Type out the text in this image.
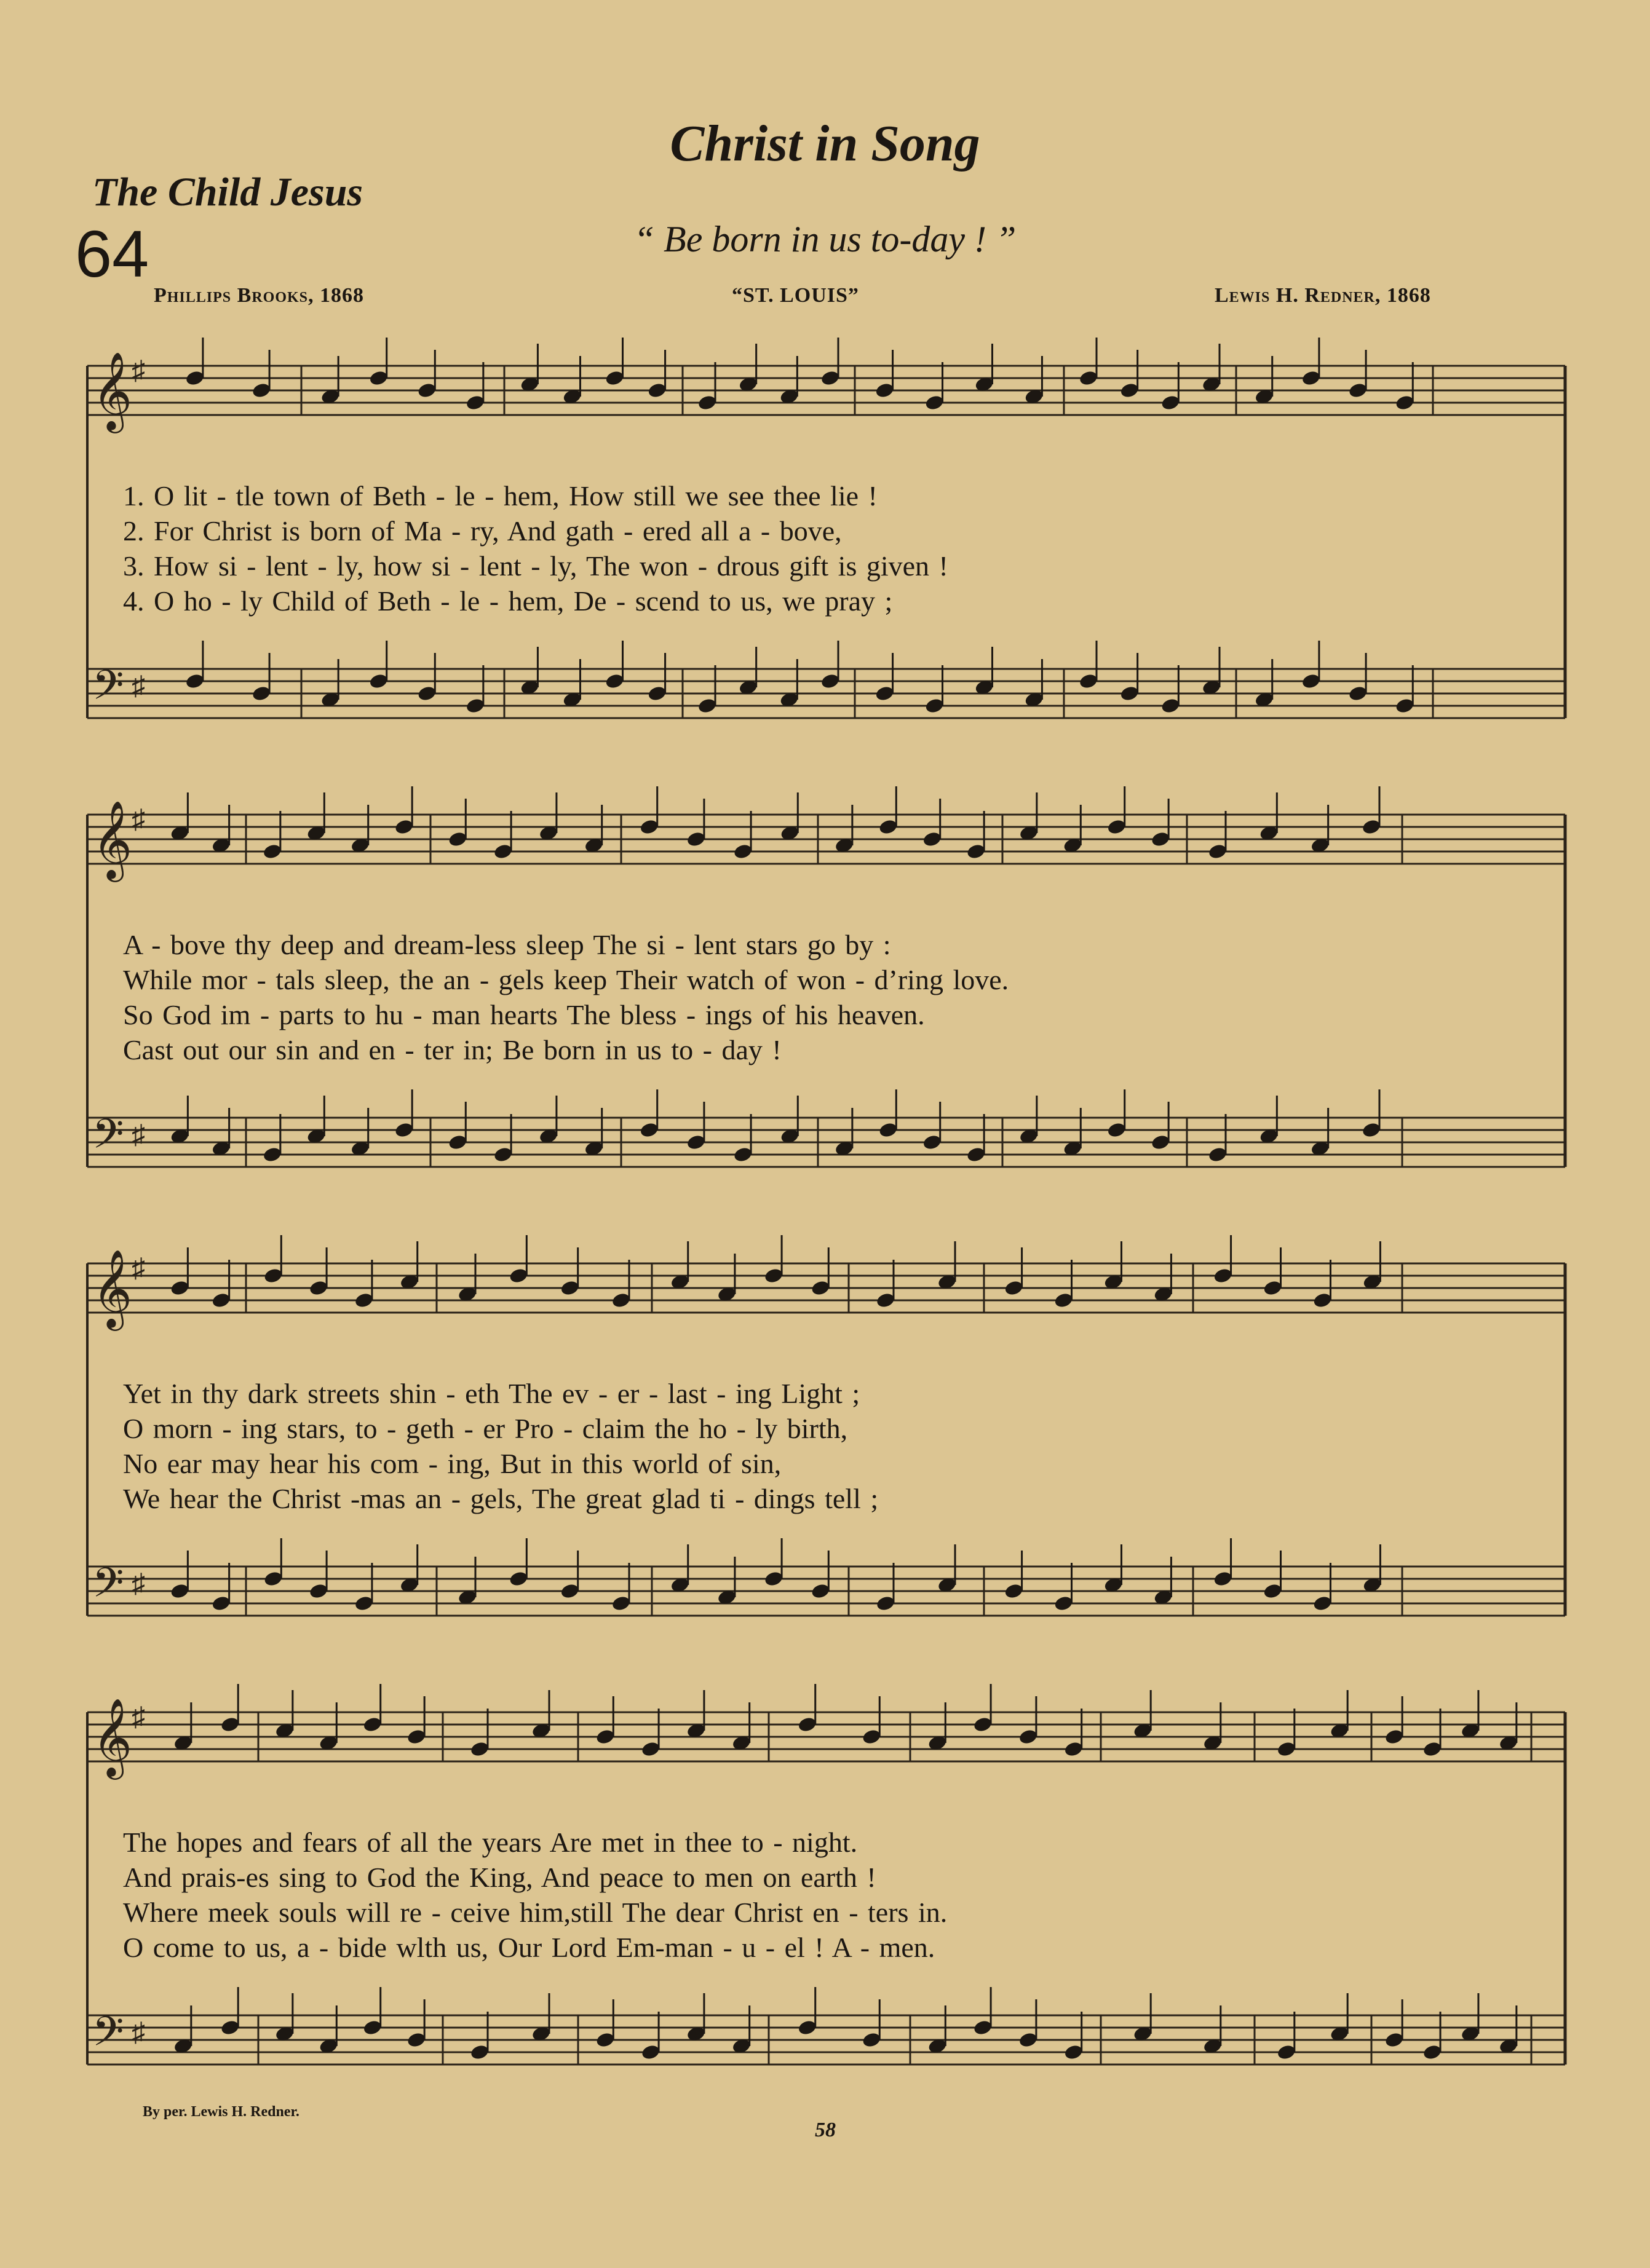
Christ in Song
The Child Jesus
64	“ Be born in us to-day ! ”
Phillips Brooks, 1868	“ST. LOUIS”	Lewis H. Redner, 1868
𝄞
♯
𝄞
♯
𝄞
♯
𝄞
♯
𝄢 ♯
𝄢 ♯
𝄢 ♯
𝄢 ♯
1. O lit - tle town of Beth - le - hem, How still we see thee lie !
2. For Christ is born of Ma - ry, And gath - ered all a - bove,
3. How si - lent - ly, how si - lent - ly, The won - drous gift is given !
4. O ho - ly Child of Beth - le - hem, De - scend to us, we pray ;
A - bove thy deep and dream-less sleep The si - lent stars go by :
While mor - tals sleep, the an - gels keep Their watch of won - d’ring love.
So God im - parts to hu - man hearts The bless - ings of his heaven.
Cast out our sin and en - ter in; Be born in us to - day !
Yet in thy dark streets shin - eth The ev - er - last - ing Light ;
O morn - ing stars, to - geth - er Pro - claim the ho - ly birth,
No ear may hear his com - ing, But in this world of sin,
We hear the Christ -mas an - gels, The great glad ti - dings tell ;
The hopes and fears of all the years Are met in thee to - night.
And prais-es sing to God the King, And peace to men on earth !
Where meek souls will re - ceive him,still The dear Christ en - ters in.
O come to us, a - bide wlth us, Our Lord Em-man - u - el ! A - men.
By per. Lewis H. Redner.
58
